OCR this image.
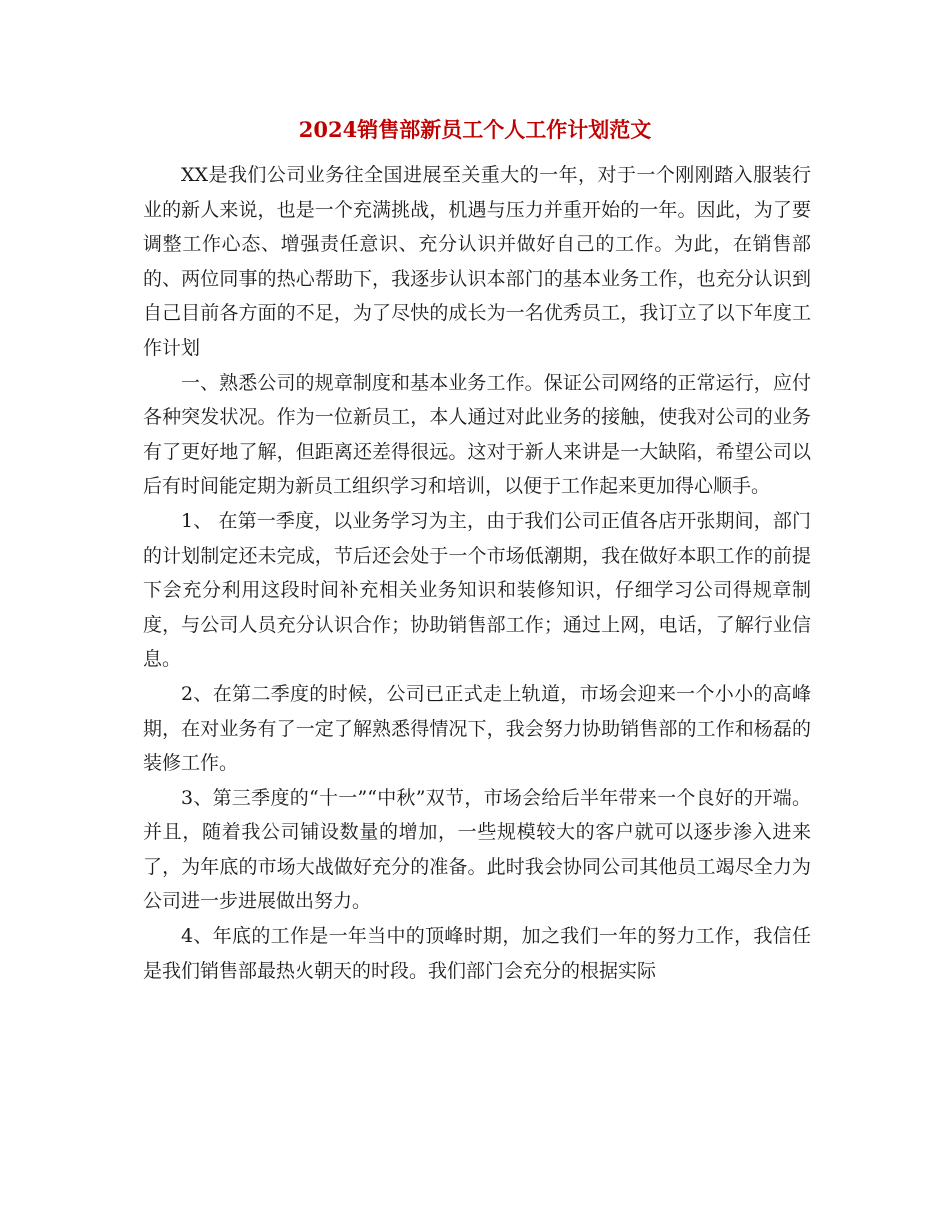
2024销售部新员工个人工作计划范文

XX是我们公司业务往全国进展至关重大的一年，对于一个刚刚踏入服装行业的新人来说，也是一个充满挑战，机遇与压力并重开始的一年。因此，为了要调整工作心态、增强责任意识、充分认识并做好自己的工作。为此，在销售部的、两位同事的热心帮助下，我逐步认识本部门的基本业务工作，也充分认识到自己目前各方面的不足，为了尽快的成长为一名优秀员工，我订立了以下年度工作计划

一、熟悉公司的规章制度和基本业务工作。保证公司网络的正常运行，应付各种突发状况。作为一位新员工，本人通过对此业务的接触，使我对公司的业务有了更好地了解，但距离还差得很远。这对于新人来讲是一大缺陷，希望公司以后有时间能定期为新员工组织学习和培训，以便于工作起来更加得心顺手。

1、 在第一季度，以业务学习为主，由于我们公司正值各店开张期间，部门的计划制定还未完成，节后还会处于一个市场低潮期，我在做好本职工作的前提下会充分利用这段时间补充相关业务知识和装修知识，仔细学习公司得规章制度，与公司人员充分认识合作；协助销售部工作；通过上网，电话，了解行业信息。

2、在第二季度的时候，公司已正式走上轨道，市场会迎来一个小小的高峰期，在对业务有了一定了解熟悉得情况下，我会努力协助销售部的工作和杨磊的装修工作。

3、第三季度的“十一”“中秋”双节，市场会给后半年带来一个良好的开端。并且，随着我公司铺设数量的增加，一些规模较大的客户就可以逐步渗入进来了，为年底的市场大战做好充分的准备。此时我会协同公司其他员工竭尽全力为公司进一步进展做出努力。

4、年底的工作是一年当中的顶峰时期，加之我们一年的努力工作，我信任是我们销售部最热火朝天的时段。我们部门会充分的根据实际
